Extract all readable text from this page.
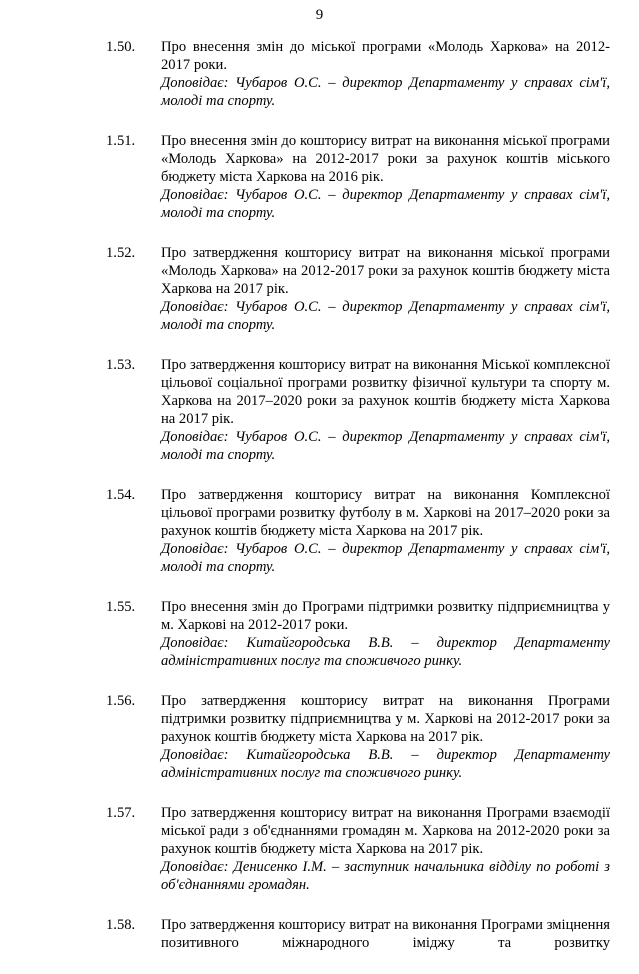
9
1.50. Про внесення змін до міської програми «Молодь Харкова» на 2012-2017 роки.
Доповідає: Чубаров О.С. – директор Департаменту у справах сім'ї, молоді та спорту.
1.51. Про внесення змін до кошторису витрат на виконання міської програми «Молодь Харкова» на 2012-2017 роки за рахунок коштів міського бюджету міста Харкова на 2016 рік.
Доповідає: Чубаров О.С. – директор Департаменту у справах сім'ї, молоді та спорту.
1.52. Про затвердження кошторису витрат на виконання міської програми «Молодь Харкова» на 2012-2017 роки за рахунок коштів бюджету міста Харкова на 2017 рік.
Доповідає: Чубаров О.С. – директор Департаменту у справах сім'ї, молоді та спорту.
1.53. Про затвердження кошторису витрат на виконання Міської комплексної цільової соціальної програми розвитку фізичної культури та спорту м. Харкова на 2017–2020 роки за рахунок коштів бюджету міста Харкова на 2017 рік.
Доповідає: Чубаров О.С. – директор Департаменту у справах сім'ї, молоді та спорту.
1.54. Про затвердження кошторису витрат на виконання Комплексної цільової програми розвитку футболу в м. Харкові на 2017–2020 роки за рахунок коштів бюджету міста Харкова на 2017 рік.
Доповідає: Чубаров О.С. – директор Департаменту у справах сім'ї, молоді та спорту.
1.55. Про внесення змін до Програми підтримки розвитку підприємництва у м. Харкові на 2012-2017 роки.
Доповідає: Китайгородська В.В. – директор Департаменту адміністративних послуг та споживчого ринку.
1.56. Про затвердження кошторису витрат на виконання Програми підтримки розвитку підприємництва у м. Харкові на 2012-2017 роки за рахунок коштів бюджету міста Харкова на 2017 рік.
Доповідає: Китайгородська В.В. – директор Департаменту адміністративних послуг та споживчого ринку.
1.57. Про затвердження кошторису витрат на виконання Програми взаємодії міської ради з об'єднаннями громадян м. Харкова на 2012-2020 роки за рахунок коштів бюджету міста Харкова на 2017 рік.
Доповідає: Денисенко І.М. – заступник начальника відділу по роботі з об'єднаннями громадян.
1.58. Про затвердження кошторису витрат на виконання Програми зміцнення позитивного міжнародного іміджу та розвитку
